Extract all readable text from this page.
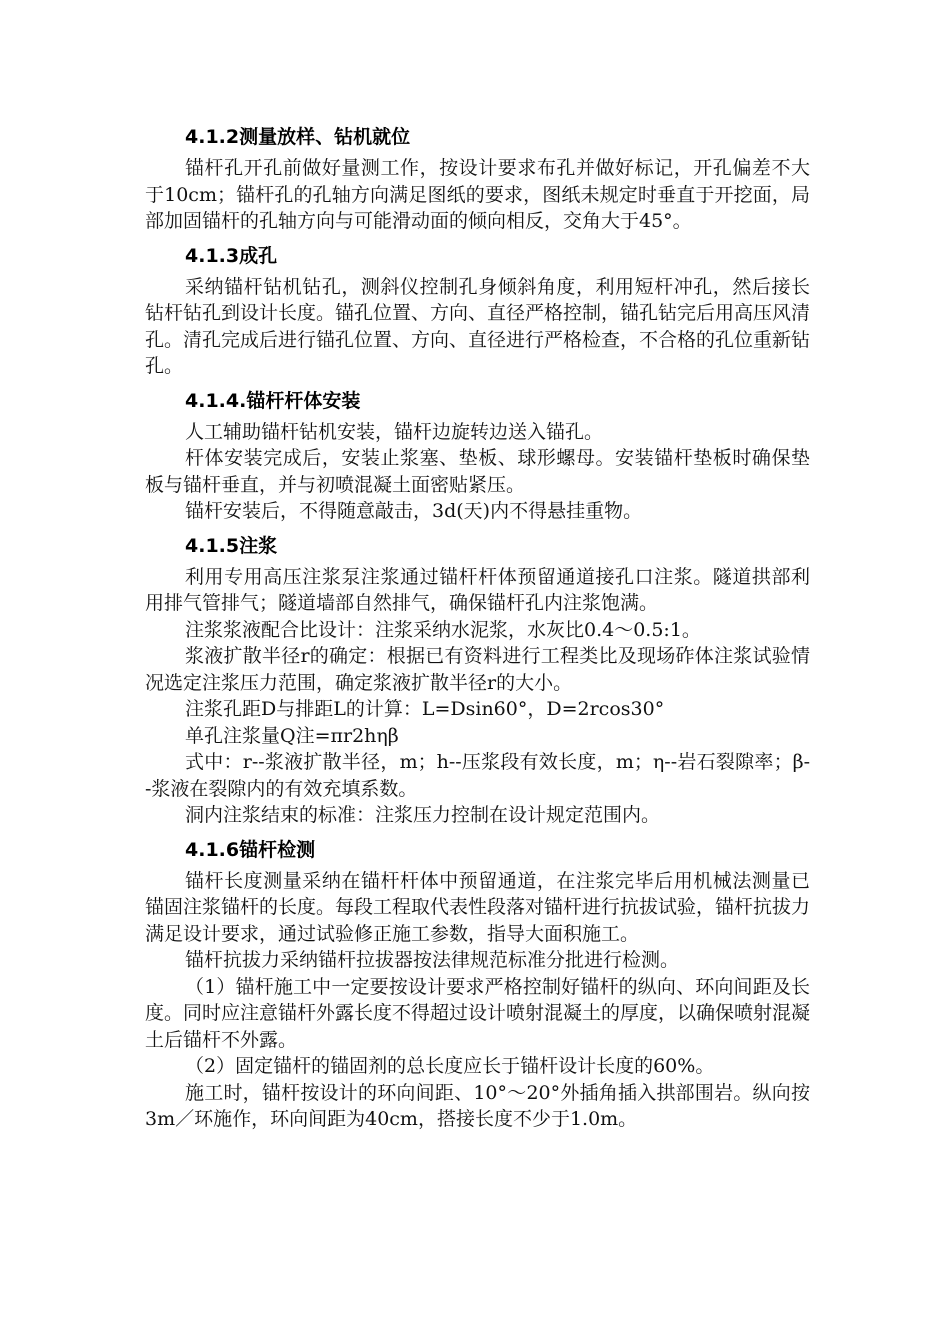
4.1.2测量放样、钻机就位

锚杆孔开孔前做好量测工作，按设计要求布孔并做好标记，开孔偏差不大于10cm；锚杆孔的孔轴方向满足图纸的要求，图纸未规定时垂直于开挖面，局部加固锚杆的孔轴方向与可能滑动面的倾向相反，交角大于45°。

4.1.3成孔

采纳锚杆钻机钻孔，测斜仪控制孔身倾斜角度，利用短杆冲孔，然后接长钻杆钻孔到设计长度。锚孔位置、方向、直径严格控制，锚孔钻完后用高压风清孔。清孔完成后进行锚孔位置、方向、直径进行严格检查，不合格的孔位重新钻孔。

4.1.4.锚杆杆体安装

人工辅助锚杆钻机安装，锚杆边旋转边送入锚孔。

杆体安装完成后，安装止浆塞、垫板、球形螺母。安装锚杆垫板时确保垫板与锚杆垂直，并与初喷混凝土面密贴紧压。

锚杆安装后，不得随意敲击，3d(天)内不得悬挂重物。

4.1.5注浆

利用专用高压注浆泵注浆通过锚杆杆体预留通道接孔口注浆。隧道拱部利用排气管排气；隧道墙部自然排气，确保锚杆孔内注浆饱满。

注浆浆液配合比设计：注浆采纳水泥浆，水灰比0.4～0.5:1。

浆液扩散半径r的确定：根据已有资料进行工程类比及现场砟体注浆试验情况选定注浆压力范围，确定浆液扩散半径r的大小。

注浆孔距D与排距L的计算：L=Dsin60°，D=2rcos30°

单孔注浆量Q注=πr2hηβ

式中：r--浆液扩散半径，m；h--压浆段有效长度，m；η--岩石裂隙率；β--浆液在裂隙内的有效充填系数。

洞内注浆结束的标准：注浆压力控制在设计规定范围内。

4.1.6锚杆检测

锚杆长度测量采纳在锚杆杆体中预留通道，在注浆完毕后用机械法测量已锚固注浆锚杆的长度。每段工程取代表性段落对锚杆进行抗拔试验，锚杆抗拔力满足设计要求，通过试验修正施工参数，指导大面积施工。

锚杆抗拔力采纳锚杆拉拔器按法律规范标准分批进行检测。

（1）锚杆施工中一定要按设计要求严格控制好锚杆的纵向、环向间距及长度。同时应注意锚杆外露长度不得超过设计喷射混凝土的厚度，以确保喷射混凝土后锚杆不外露。

（2）固定锚杆的锚固剂的总长度应长于锚杆设计长度的60%。

施工时，锚杆按设计的环向间距、10°～20°外插角插入拱部围岩。纵向按3m／环施作，环向间距为40cm，搭接长度不少于1.0m。
